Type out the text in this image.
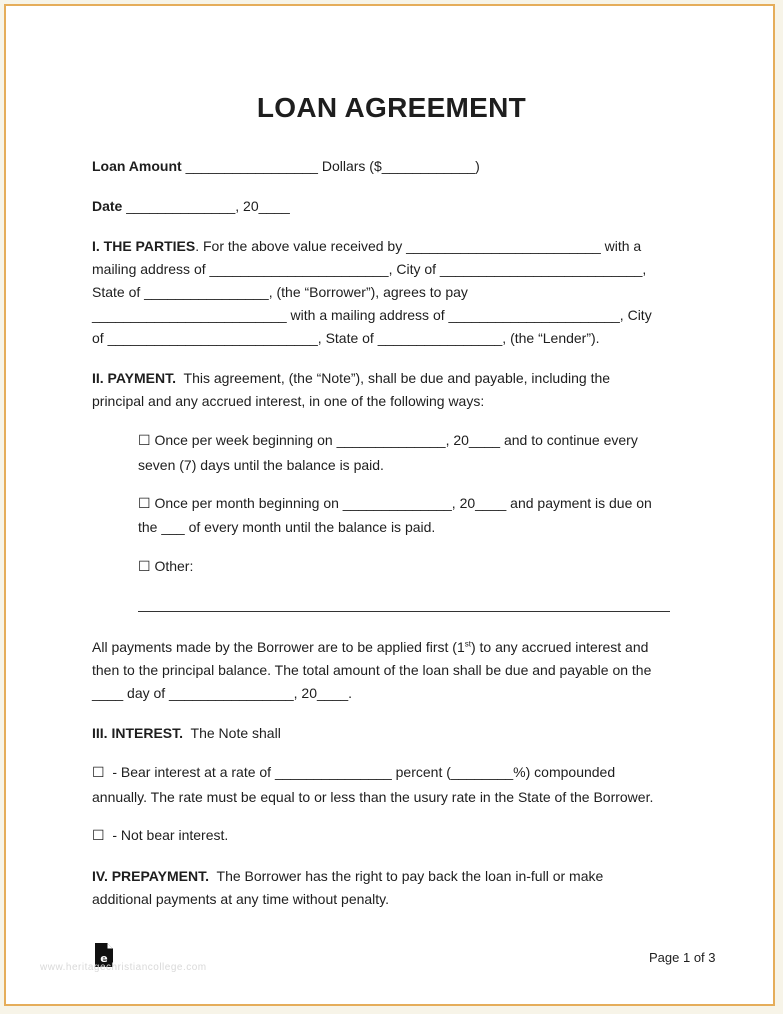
LOAN AGREEMENT
Loan Amount _________________ Dollars ($____________)
Date ______________, 20____
I. THE PARTIES. For the above value received by _________________________ with a
mailing address of _______________________, City of __________________________,
State of ________________, (the “Borrower”), agrees to pay
_________________________ with a mailing address of ______________________, City
of ___________________________, State of ________________, (the “Lender”).
II. PAYMENT.  This agreement, (the “Note”), shall be due and payable, including the
principal and any accrued interest, in one of the following ways:
☐ Once per week beginning on ______________, 20____ and to continue every
seven (7) days until the balance is paid.
☐ Once per month beginning on ______________, 20____ and payment is due on
the ___ of every month until the balance is paid.
☐ Other:
All payments made by the Borrower are to be applied first (1st) to any accrued interest and
then to the principal balance. The total amount of the loan shall be due and payable on the
____ day of ________________, 20____.
III. INTEREST.  The Note shall
☐  - Bear interest at a rate of _______________ percent (________%) compounded
annually. The rate must be equal to or less than the usury rate in the State of the Borrower.
☐  - Not bear interest.
IV. PREPAYMENT.  The Borrower has the right to pay back the loan in-full or make
additional payments at any time without penalty.
e
www.heritagechristiancollege.com
Page 1 of 3
